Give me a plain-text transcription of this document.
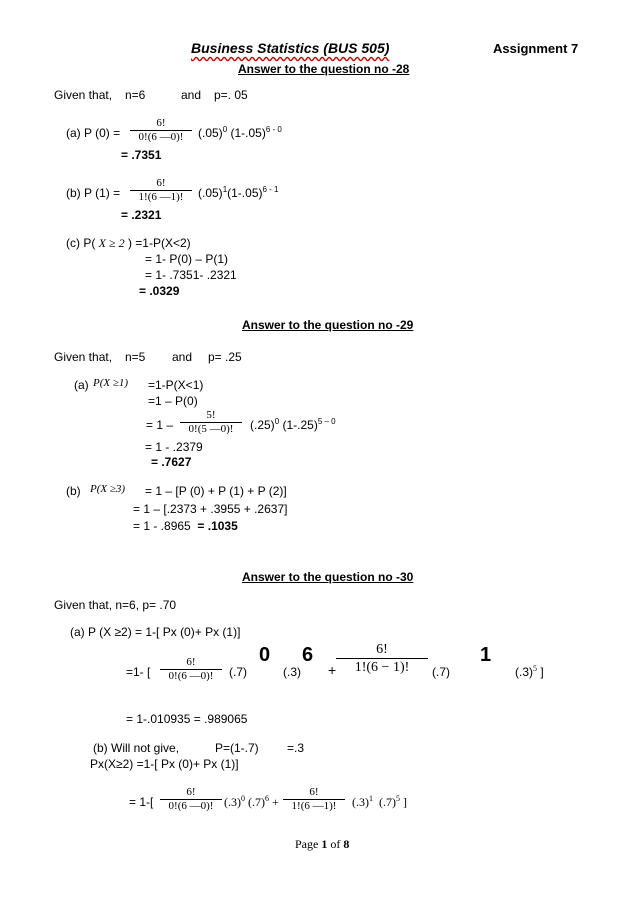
Business Statistics (BUS 505)	Assignment 7
Answer to the question no -28
Given that, n=6	and p=. 05
(a) P $(0) = \frac{6!}{0!(6 —0)!} (.05)^0$ $(1-.05)^{6 - 0}$
= .7351
(b) P $(1) = \frac{6!}{1!(6 —1)!} (.05)^1(1-.05)^{6 - 1}$
= .2321
(c) P( X ≥ 2 ) =1-P(X<2)
= 1- P(0) – P(1)
= 1- .7351- .2321
= .0329
Answer to the question no -29
Given that, n=5 and p= .25
(a) P(X ≥1) =1-P(X<1)
=1 – P(0)
= $1 - \frac{5!}{0!(5 —0)!} (.25)^0$ $(1-.25)^{5 - 0}$
= 1 - .2379
= .7627
(b) P(X ≥3) = 1 – [P (0) + P (1) + P (2)]
= 1 – [.2373 + .3955 + .2637]
= 1 - .8965 = .1035
Answer to the question no -30
Given that, n=6, p= .70
(a) P (X ≥2) = 1-[ Px (0)+ Px (1)]
=1- [ $\frac{6!}{0!(6 —0)!} (.7)$
0
(.3)
6
+ $\frac{6!}{1!(6 - 1)!} (.7)$
1
$(.3)^5$ ]
= 1-.010935 = .989065
(b) Will not give,	P=(1-.7) =.3
Px(X≥2) =1-[ Px (0)+ Px (1)]
= $1-[ \frac{6!}{0!(6 —0)!} (.3)^0$ $(.7)^6 + \frac{6!}{1!(6 —1)!} (.3)^1$ $(.7)^5$ ]
Page 1 of 8
